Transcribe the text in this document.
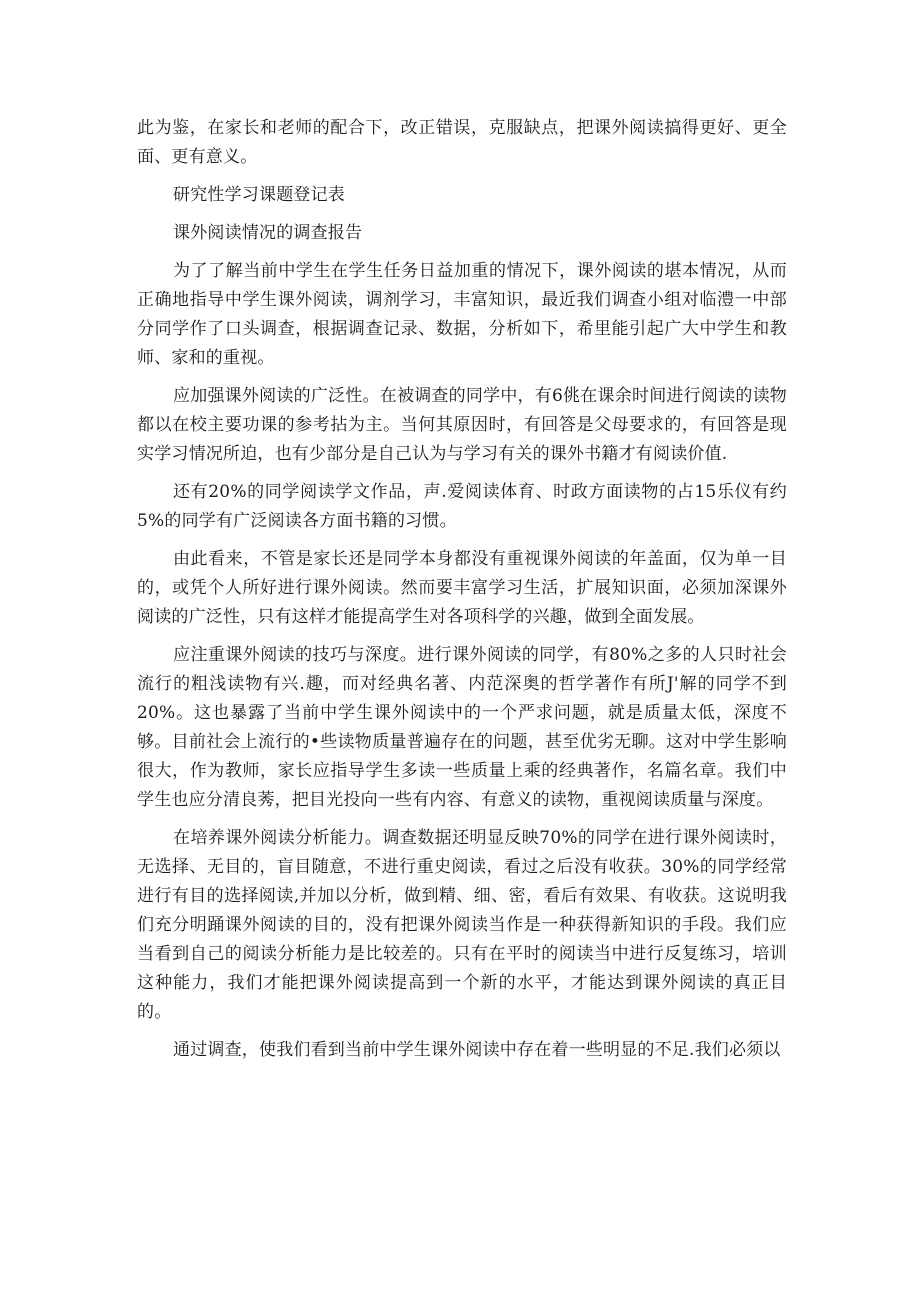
此为鉴，在家长和老师的配合下，改正错误，克服缺点，把课外阅读搞得更好、更全面、更有意义。

研究性学习课题登记表

课外阅读情况的调查报告

为了了解当前中学生在学生任务日益加重的情况下，课外阅读的堪本情况，从而正确地指导中学生课外阅读，调剂学习，丰富知识，最近我们调查小组对临澧一中部分同学作了口头调查，根据调查记录、数据，分析如下，希里能引起广大中学生和教师、家和的重视。

应加强课外阅读的广泛性。在被调查的同学中，有6佻在课余时间进行阅读的读物都以在校主要功课的参考拈为主。当何其原因时，有回答是父母要求的，有回答是现实学习情况所迫，也有少部分是自己认为与学习有关的课外书籍才有阅读价值.

还有20%的同学阅读学文作品，声.爱阅读体育、时政方面读物的占15乐仪有约5%的同学有广泛阅读各方面书籍的习惯。

由此看来，不管是家长还是同学本身都没有重视课外阅读的年盖面，仅为单一目的，或凭个人所好进行课外阅读。然而要丰富学习生活，扩展知识面，必须加深课外阅读的广泛性，只有这样才能提高学生对各项科学的兴趣，做到全面发展。

应注重课外阅读的技巧与深度。进行课外阅读的同学，有80%之多的人只时社会流行的粗浅读物有兴.趣，而对经典名著、内范深奥的哲学著作有所J'解的同学不到20%。这也暴露了当前中学生课外阅读中的一个严求问题，就是质量太低，深度不够。目前社会上流行的•些读物质量普遍存在的问题，甚至优劣无聊。这对中学生影响很大，作为教师，家长应指导学生多读一些质量上乘的经典著作，名篇名章。我们中学生也应分清良莠，把目光投向一些有内容、有意义的读物，重视阅读质量与深度。

在培养课外阅读分析能力。调查数据还明显反映70%的同学在进行课外阅读时，无选择、无目的，盲目随意，不进行重史阅读，看过之后没有收获。30%的同学经常进行有目的选择阅读,并加以分析，做到精、细、密，看后有效果、有收获。这说明我们充分明踊课外阅读的目的，没有把课外阅读当作是一种获得新知识的手段。我们应当看到自己的阅读分析能力是比较差的。只有在平时的阅读当中进行反复练习，培训这种能力，我们才能把课外阅读提高到一个新的水平，才能达到课外阅读的真正目的。

通过调查，使我们看到当前中学生课外阅读中存在着一些明显的不足.我们必须以
